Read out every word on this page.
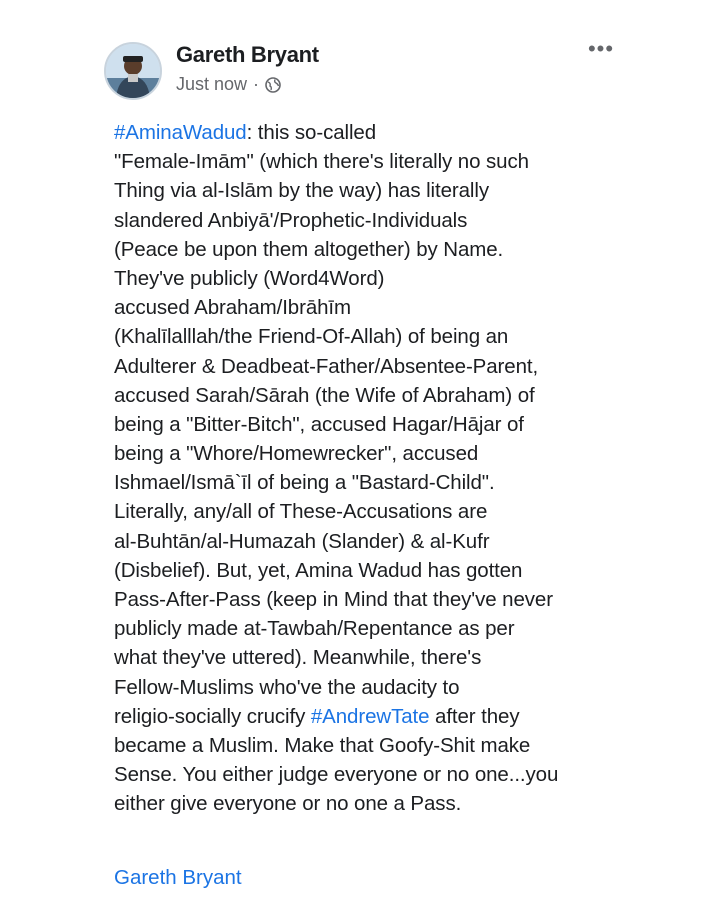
Gareth Bryant
Just now ·
•••
#AminaWadud: this so-called
"Female-Imām" (which there's literally no such
Thing via al-Islām by the way) has literally
slandered Anbiyā'/Prophetic-Individuals
(Peace be upon them altogether) by Name.
They've publicly (Word4Word)
accused Abraham/Ibrāhīm
(Khalīlalllah/the Friend-Of-Allah) of being an
Adulterer & Deadbeat-Father/Absentee-Parent,
accused Sarah/Sārah (the Wife of Abraham) of
being a "Bitter-Bitch", accused Hagar/Hājar of
being a "Whore/Homewrecker", accused
Ishmael/Ismā`īl of being a "Bastard-Child".
Literally, any/all of These-Accusations are
al-Buhtān/al-Humazah (Slander) & al-Kufr
(Disbelief). But, yet, Amina Wadud has gotten
Pass-After-Pass (keep in Mind that they've never
publicly made at-Tawbah/Repentance as per
what they've uttered). Meanwhile, there's
Fellow-Muslims who've the audacity to
religio-socially crucify #AndrewTate after they
became a Muslim. Make that Goofy-Shit make
Sense. You either judge everyone or no one...you
either give everyone or no one a Pass.
Gareth Bryant
